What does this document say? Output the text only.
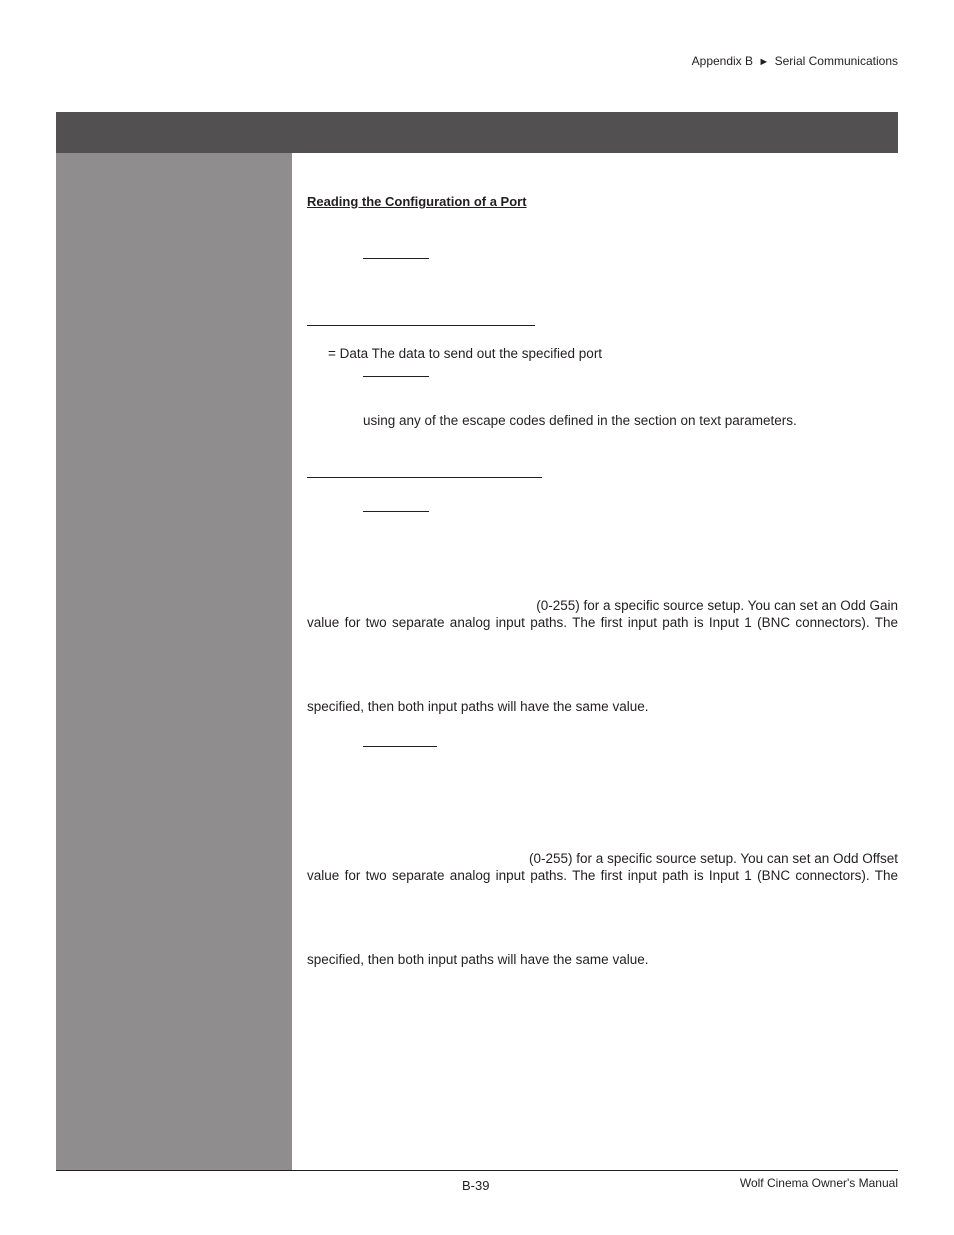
Appendix B ► Serial Communications
Reading the Configuration of a Port
= Data The data to send out the specified port
using any of the escape codes defined in the section on text parameters.
(0-255) for a specific source setup. You can set an Odd Gain
value for two separate analog input paths. The first input path is Input 1 (BNC connectors). The
specified, then both input paths will have the same value.
(0-255) for a specific source setup. You can set an Odd Offset
value for two separate analog input paths. The first input path is Input 1 (BNC connectors). The
specified, then both input paths will have the same value.
B-39	Wolf Cinema Owner's Manual
